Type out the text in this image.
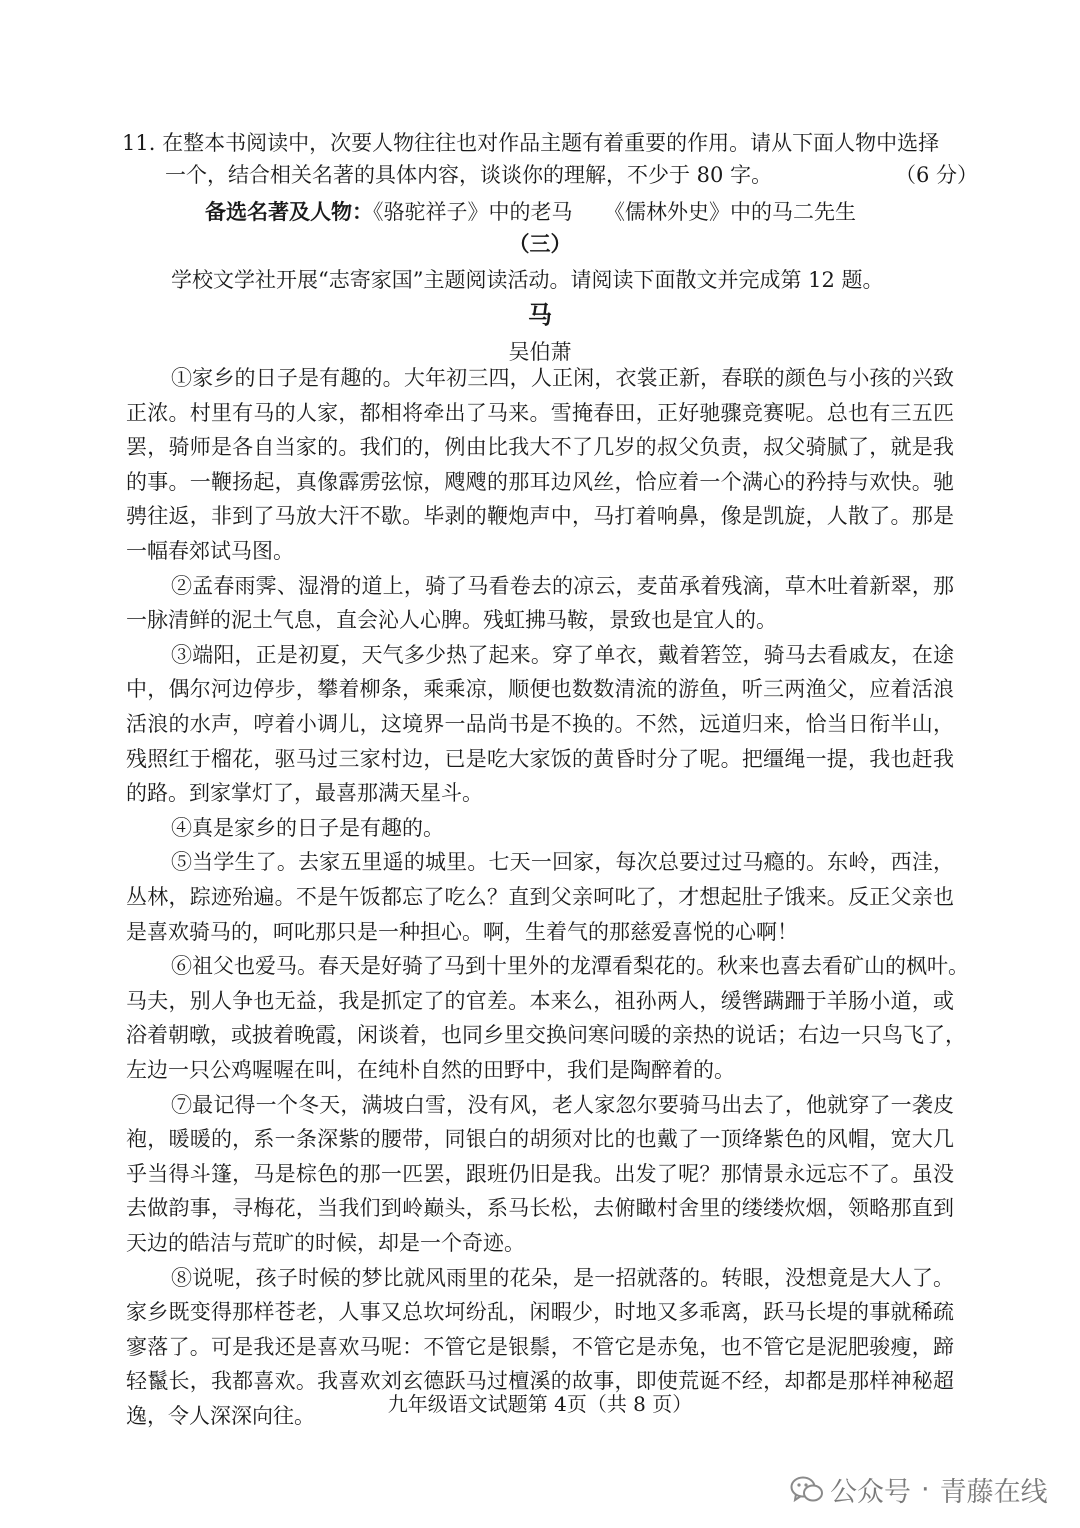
11. 在整本书阅读中，次要人物往往也对作品主题有着重要的作用。请从下面人物中选择
一个，结合相关名著的具体内容，谈谈你的理解，不少于 80 字。	（6 分）
备选名著及人物：《骆驼祥子》中的老马　　《儒林外史》中的马二先生
（三）
学校文学社开展“志寄家国”主题阅读活动。请阅读下面散文并完成第 12 题。
马
吴伯萧
①家乡的日子是有趣的。大年初三四，人正闲，衣裳正新，春联的颜色与小孩的兴致
正浓。村里有马的人家，都相将牵出了马来。雪掩春田，正好驰骤竞赛呢。总也有三五匹
罢，骑师是各自当家的。我们的，例由比我大不了几岁的叔父负责，叔父骑腻了，就是我
的事。一鞭扬起，真像霹雳弦惊，飕飕的那耳边风丝，恰应着一个满心的矜持与欢快。驰
骋往返，非到了马放大汗不歇。毕剥的鞭炮声中，马打着响鼻，像是凯旋，人散了。那是
一幅春郊试马图。
②孟春雨霁、湿滑的道上，骑了马看卷去的凉云，麦苗承着残滴，草木吐着新翠，那
一脉清鲜的泥土气息，直会沁人心脾。残虹拂马鞍，景致也是宜人的。
③端阳，正是初夏，天气多少热了起来。穿了单衣，戴着箬笠，骑马去看戚友，在途
中，偶尔河边停步，攀着柳条，乘乘凉，顺便也数数清流的游鱼，听三两渔父，应着活浪
活浪的水声，哼着小调儿，这境界一品尚书是不换的。不然，远道归来，恰当日衔半山，
残照红于榴花，驱马过三家村边，已是吃大家饭的黄昏时分了呢。把缰绳一提，我也赶我
的路。到家掌灯了，最喜那满天星斗。
④真是家乡的日子是有趣的。
⑤当学生了。去家五里遥的城里。七天一回家，每次总要过过马瘾的。东岭，西洼，
丛林，踪迹殆遍。不是午饭都忘了吃么？直到父亲呵叱了，才想起肚子饿来。反正父亲也
是喜欢骑马的，呵叱那只是一种担心。啊，生着气的那慈爱喜悦的心啊！
⑥祖父也爱马。春天是好骑了马到十里外的龙潭看梨花的。秋来也喜去看矿山的枫叶。
马夫，别人争也无益，我是抓定了的官差。本来么，祖孙两人，缓辔蹒跚于羊肠小道，或
浴着朝暾，或披着晚霞，闲谈着，也同乡里交换问寒问暖的亲热的说话；右边一只鸟飞了，
左边一只公鸡喔喔在叫，在纯朴自然的田野中，我们是陶醉着的。
⑦最记得一个冬天，满坡白雪，没有风，老人家忽尔要骑马出去了，他就穿了一袭皮
袍，暖暖的，系一条深紫的腰带，同银白的胡须对比的也戴了一顶绛紫色的风帽，宽大几
乎当得斗篷，马是棕色的那一匹罢，跟班仍旧是我。出发了呢？那情景永远忘不了。虽没
去做韵事，寻梅花，当我们到岭巅头，系马长松，去俯瞰村舍里的缕缕炊烟，领略那直到
天边的皓洁与荒旷的时候，却是一个奇迹。
⑧说呢，孩子时候的梦比就风雨里的花朵，是一招就落的。转眼，没想竟是大人了。
家乡既变得那样苍老，人事又总坎坷纷乱，闲暇少，时地又多乖离，跃马长堤的事就稀疏
寥落了。可是我还是喜欢马呢：不管它是银鬃，不管它是赤兔，也不管它是泥肥骏瘦，蹄
轻鬣长，我都喜欢。我喜欢刘玄德跃马过檀溪的故事，即使荒诞不经，却都是那样神秘超
逸，令人深深向往。	九年级语文试题第 4页（共 8 页）
公众号 · 青藤在线
